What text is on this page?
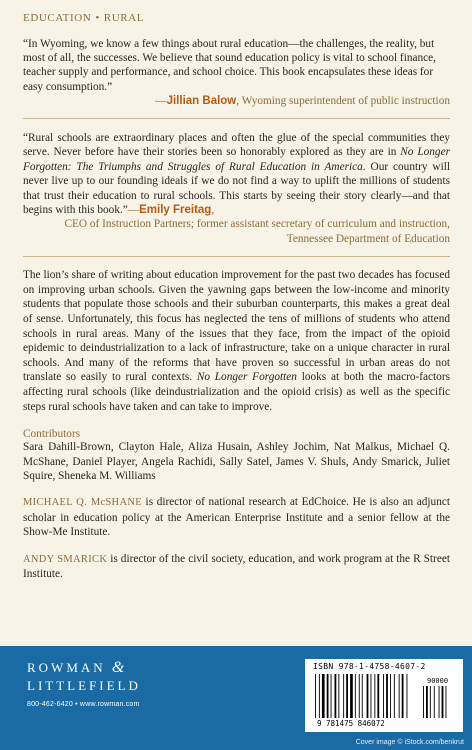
EDUCATION • RURAL

“In Wyoming, we know a few things about rural education—the challenges, the reality, but most of all, the successes. We believe that sound education policy is vital to school finance, teacher supply and performance, and school choice. This book encapsulates these ideas for easy consumption.”

—Jillian Balow, Wyoming superintendent of public instruction

“Rural schools are extraordinary places and often the glue of the special communities they serve. Never before have their stories been so honorably explored as they are in No Longer Forgotten: The Triumphs and Struggles of Rural Education in America. Our country will never live up to our founding ideals if we do not find a way to uplift the millions of students that trust their education to rural schools. This starts by seeing their story clearly—and that begins with this book.”—Emily Freitag,

CEO of Instruction Partners; former assistant secretary of curriculum and instruction, Tennessee Department of Education

The lion’s share of writing about education improvement for the past two decades has focused on improving urban schools. Given the yawning gaps between the low-income and minority students that populate those schools and their suburban counterparts, this makes a great deal of sense. Unfortunately, this focus has neglected the tens of millions of students who attend schools in rural areas. Many of the issues that they face, from the impact of the opioid epidemic to deindustrialization to a lack of infrastructure, take on a unique character in rural schools. And many of the reforms that have proven so successful in urban areas do not translate so easily to rural contexts. No Longer Forgotten looks at both the macro-factors affecting rural schools (like deindustrialization and the opioid crisis) as well as the specific steps rural schools have taken and can take to improve.

Contributors

Sara Dahill-Brown, Clayton Hale, Aliza Husain, Ashley Jochim, Nat Malkus, Michael Q. McShane, Daniel Player, Angela Rachidi, Sally Satel, James V. Shuls, Andy Smarick, Juliet Squire, Sheneka M. Williams

MICHAEL Q. McSHANE is director of national research at EdChoice. He is also an adjunct scholar in education policy at the American Enterprise Institute and a senior fellow at the Show-Me Institute.

ANDY SMARICK is director of the civil society, education, and work program at the R Street Institute.

ROWMAN &
LITTLEFIELD
800-462-6420 • www.rowman.com
ISBN 978-1-4758-4607-2
9 781475 846072
90000
Cover image © iStock.com/benkrut
